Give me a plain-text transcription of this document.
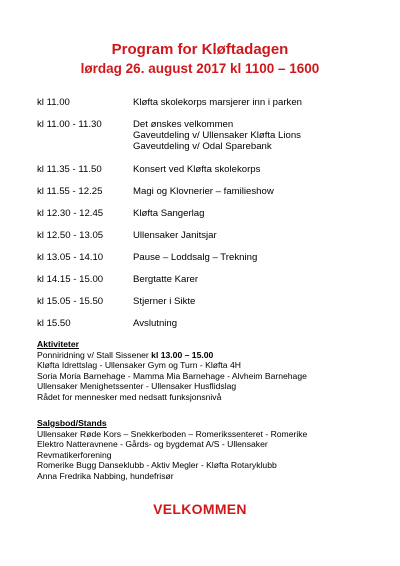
Program for Kløftadagen
lørdag 26. august 2017 kl 1100 – 1600
kl 11.00	Kløfta skolekorps marsjerer inn i parken
kl 11.00 - 11.30	Det ønskes velkommen
Gaveutdeling v/ Ullensaker Kløfta Lions
Gaveutdeling v/ Odal Sparebank
kl 11.35 - 11.50	Konsert ved Kløfta skolekorps
kl 11.55 - 12.25	Magi og Klovnerier – familieshow
kl 12.30 - 12.45	Kløfta Sangerlag
kl 12.50 - 13.05	Ullensaker Janitsjar
kl 13.05 - 14.10	Pause – Loddsalg – Trekning
kl 14.15 - 15.00	Bergtatte Karer
kl 15.05 - 15.50	Stjerner i Sikte
kl 15.50	Avslutning
Aktiviteter
Ponniridning v/ Stall Sissener kl 13.00 – 15.00
Kløfta Idrettslag - Ullensaker Gym og Turn - Kløfta 4H
Soria Moria Barnehage - Mamma Mia Barnehage - Alvheim Barnehage
Ullensaker Menighetssenter - Ullensaker Husflidslag
Rådet for mennesker med nedsatt funksjonsnivå
Salgsbod/Stands
Ullensaker Røde Kors – Snekkerboden – Romerikssenteret - Romerike
Elektro Natteravnene - Gårds- og bygdemat A/S - Ullensaker
Revmatikerforening
Romerike Bugg Danseklubb - Aktiv Megler - Kløfta Rotaryklubb
Anna Fredrika Nabbing, hundefrisør
VELKOMMEN
